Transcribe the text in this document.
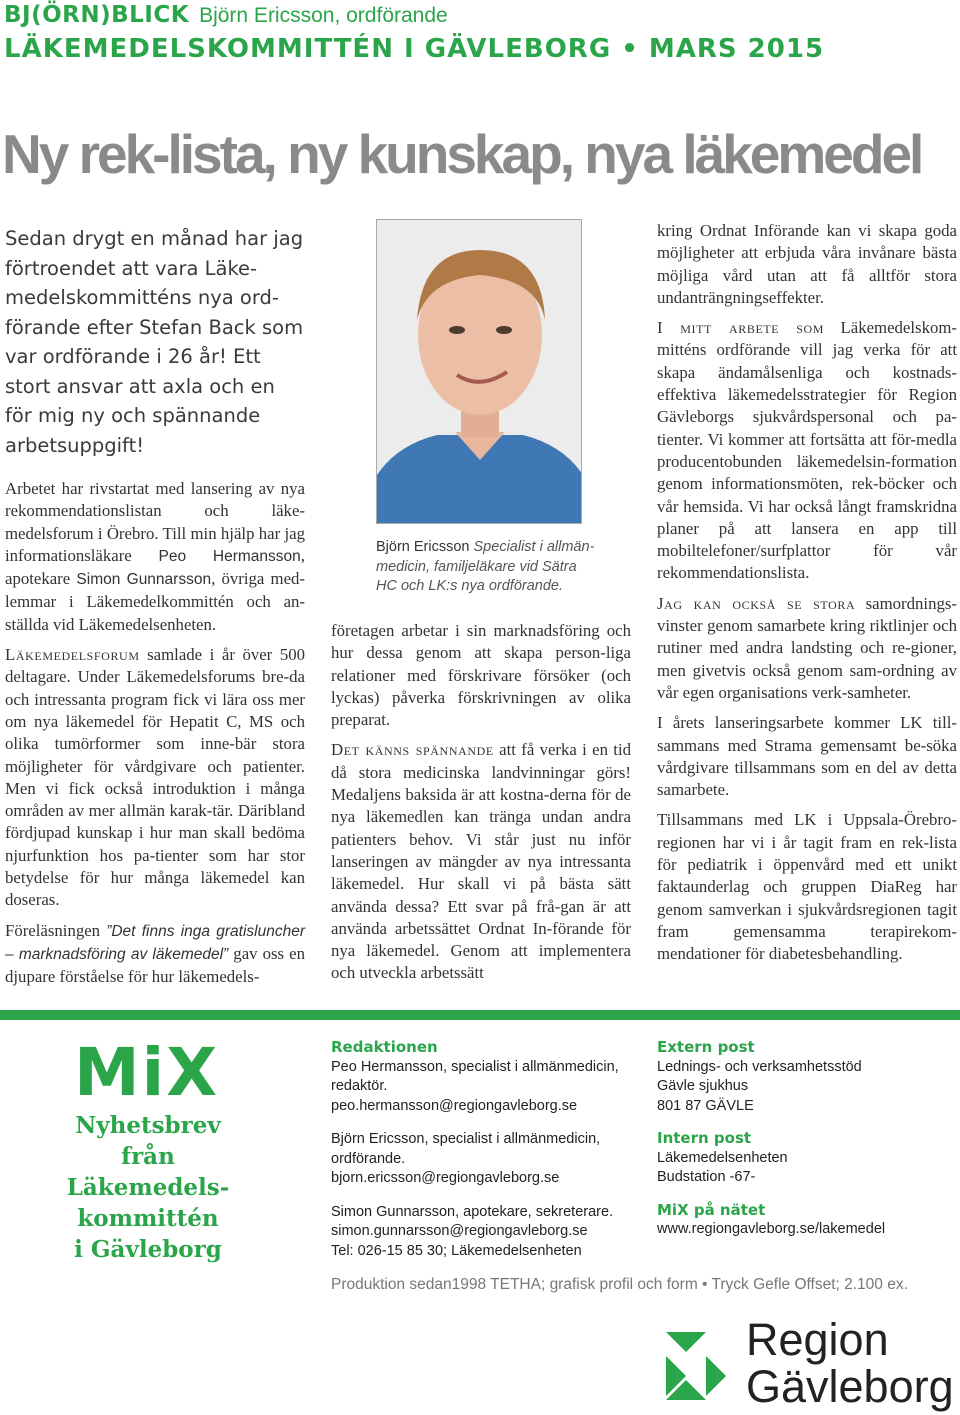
BJ(ÖRN)BLICK Björn Ericsson, ordförande
LÄKEMEDELSKOMMITTÉN I GÄVLEBORG • MARS 2015
Ny rek-lista, ny kunskap, nya läkemedel
Sedan drygt en månad har jag förtroendet att vara Läke-medelskommitténs nya ord-förande efter Stefan Back som var ordförande i 26 år! Ett stort ansvar att axla och en för mig ny och spännande arbetsuppgift!

Arbetet har rivstartat med lansering av nya rekommendationslistan och läke-medelsforum i Örebro. Till min hjälp har jag informationsläkare Peo Hermansson, apotekare Simon Gunnarsson, övriga med-lemmar i Läkemedelkommittén och an-ställda vid Läkemedelsenheten.

Läkemedelsforum samlade i år över 500 deltagare. Under Läkemedelsforums bre-da och intressanta program fick vi lära oss mer om nya läkemedel för Hepatit C, MS och olika tumörformer som inne-bär stora möjligheter för vårdgivare och patienter. Men vi fick också introduktion i många områden av mer allmän karak-tär. Däribland fördjupad kunskap i hur man skall bedöma njurfunktion hos pa-tienter som har stor betydelse för hur många läkemedel kan doseras.

Föreläsningen ”Det finns inga gratisluncher – marknadsföring av läkemedel” gav oss en djupare förståelse för hur läkemedels-

Björn Ericsson Specialist i allmän-medicin, familjeläkare vid Sätra HC och LK:s nya ordförande.

företagen arbetar i sin marknadsföring och hur dessa genom att skapa person-liga relationer med förskrivare försöker (och lyckas) påverka förskrivningen av olika preparat.

Det känns spännande att få verka i en tid då stora medicinska landvinningar görs! Medaljens baksida är att kostna-derna för de nya läkemedlen kan tränga undan andra patienters behov. Vi står just nu inför lanseringen av mängder av nya intressanta läkemedel. Hur skall vi på bästa sätt använda dessa? Ett svar på frå-gan är att använda arbetssättet Ordnat In-förande för nya läkemedel. Genom att implementera och utveckla arbetssätt

kring Ordnat Införande kan vi skapa goda möjligheter att erbjuda våra invånare bästa möjliga vård utan att få alltför stora undanträngningseffekter.

I mitt arbete som Läkemedelskom-mitténs ordförande vill jag verka för att skapa ändamålsenliga och kostnads-effektiva läkemedelsstrategier för Region Gävleborgs sjukvårdspersonal och pa-tienter. Vi kommer att fortsätta att för-medla producentobunden läkemedelsin-formation genom informationsmöten, rek-böcker och vår hemsida. Vi har också långt framskridna planer på att lansera en app till mobiltelefoner/surfplattor för vår rekommendationslista.

Jag kan också se stora samordnings-vinster genom samarbete kring riktlinjer och rutiner med andra landsting och re-gioner, men givetvis också genom sam-ordning av vår egen organisations verk-samheter.

I årets lanseringsarbete kommer LK till-sammans med Strama gemensamt be-söka vårdgivare tillsammans som en del av detta samarbete.

Tillsammans med LK i Uppsala-Örebro-regionen har vi i år tagit fram en rek-lista för pediatrik i öppenvård med ett unikt faktaunderlag och gruppen DiaReg har genom samverkan i sjukvårdsregionen tagit fram gemensamma terapirekom-mendationer för diabetesbehandling.

MiX
Nyhetsbrev
från
Läkemedels-
kommittén
i Gävleborg
Redaktionen
Peo Hermansson, specialist i allmänmedicin,
redaktör.
peo.hermansson@regiongavleborg.se
Björn Ericsson, specialist i allmänmedicin,
ordförande.
bjorn.ericsson@regiongavleborg.se
Simon Gunnarsson, apotekare, sekreterare.
simon.gunnarsson@regiongavleborg.se
Tel: 026-15 85 30; Läkemedelsenheten
Extern post
Lednings- och verksamhetsstöd
Gävle sjukhus
801 87 GÄVLE
Intern post
Läkemedelsenheten
Budstation -67-
MiX på nätet
www.regiongavleborg.se/lakemedel
Produktion sedan1998 TETHA; grafisk profil och form • Tryck Gefle Offset; 2.100 ex.
Region
Gävleborg
